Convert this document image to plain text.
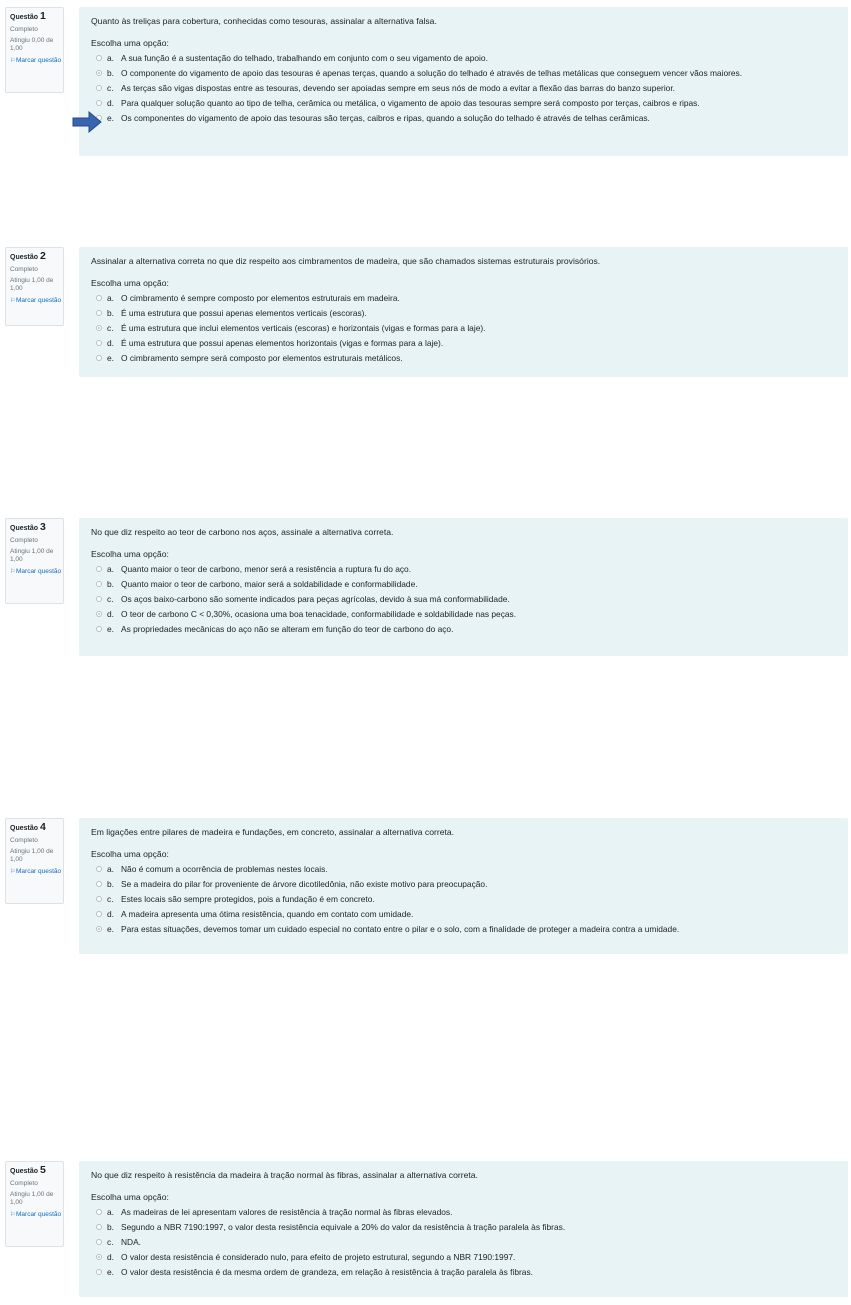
Questão 1
Completo
Atingiu 0,00 de 1,00
⚐ Marcar questão
Quanto às treliças para cobertura, conhecidas como tesouras, assinalar a alternativa falsa.
Escolha uma opção:
a. A sua função é a sustentação do telhado, trabalhando em conjunto com o seu vigamento de apoio.
b. O componente do vigamento de apoio das tesouras é apenas terças, quando a solução do telhado é através de telhas metálicas que conseguem vencer vãos maiores.
c. As terças são vigas dispostas entre as tesouras, devendo ser apoiadas sempre em seus nós de modo a evitar a flexão das barras do banzo superior.
d. Para qualquer solução quanto ao tipo de telha, cerâmica ou metálica, o vigamento de apoio das tesouras sempre será composto por terças, caibros e ripas.
e. Os componentes do vigamento de apoio das tesouras são terças, caibros e ripas, quando a solução do telhado é através de telhas cerâmicas.
Questão 2
Completo
Atingiu 1,00 de 1,00
⚐ Marcar questão
Assinalar a alternativa correta no que diz respeito aos cimbramentos de madeira, que são chamados sistemas estruturais provisórios.
Escolha uma opção:
a. O cimbramento é sempre composto por elementos estruturais em madeira.
b. É uma estrutura que possui apenas elementos verticais (escoras).
c. É uma estrutura que inclui elementos verticais (escoras) e horizontais (vigas e formas para a laje).
d. É uma estrutura que possui apenas elementos horizontais (vigas e formas para a laje).
e. O cimbramento sempre será composto por elementos estruturais metálicos.
Questão 3
Completo
Atingiu 1,00 de 1,00
⚐ Marcar questão
No que diz respeito ao teor de carbono nos aços, assinale a alternativa correta.
Escolha uma opção:
a. Quanto maior o teor de carbono, menor será a resistência a ruptura fu do aço.
b. Quanto maior o teor de carbono, maior será a soldabilidade e conformabilidade.
c. Os aços baixo-carbono são somente indicados para peças agrícolas, devido à sua má conformabilidade.
d. O teor de carbono C < 0,30%, ocasiona uma boa tenacidade, conformabilidade e soldabilidade nas peças.
e. As propriedades mecânicas do aço não se alteram em função do teor de carbono do aço.
Questão 4
Completo
Atingiu 1,00 de 1,00
⚐ Marcar questão
Em ligações entre pilares de madeira e fundações, em concreto, assinalar a alternativa correta.
Escolha uma opção:
a. Não é comum a ocorrência de problemas nestes locais.
b. Se a madeira do pilar for proveniente de árvore dicotiledônia, não existe motivo para preocupação.
c. Estes locais são sempre protegidos, pois a fundação é em concreto.
d. A madeira apresenta uma ótima resistência, quando em contato com umidade.
e. Para estas situações, devemos tomar um cuidado especial no contato entre o pilar e o solo, com a finalidade de proteger a madeira contra a umidade.
Questão 5
Completo
Atingiu 1,00 de 1,00
⚐ Marcar questão
No que diz respeito à resistência da madeira à tração normal às fibras, assinalar a alternativa correta.
Escolha uma opção:
a. As madeiras de lei apresentam valores de resistência à tração normal às fibras elevados.
b. Segundo a NBR 7190:1997, o valor desta resistência equivale a 20% do valor da resistência à tração paralela às fibras.
c. NDA.
d. O valor desta resistência é considerado nulo, para efeito de projeto estrutural, segundo a NBR 7190:1997.
e. O valor desta resistência é da mesma ordem de grandeza, em relação à resistência à tração paralela às fibras.
